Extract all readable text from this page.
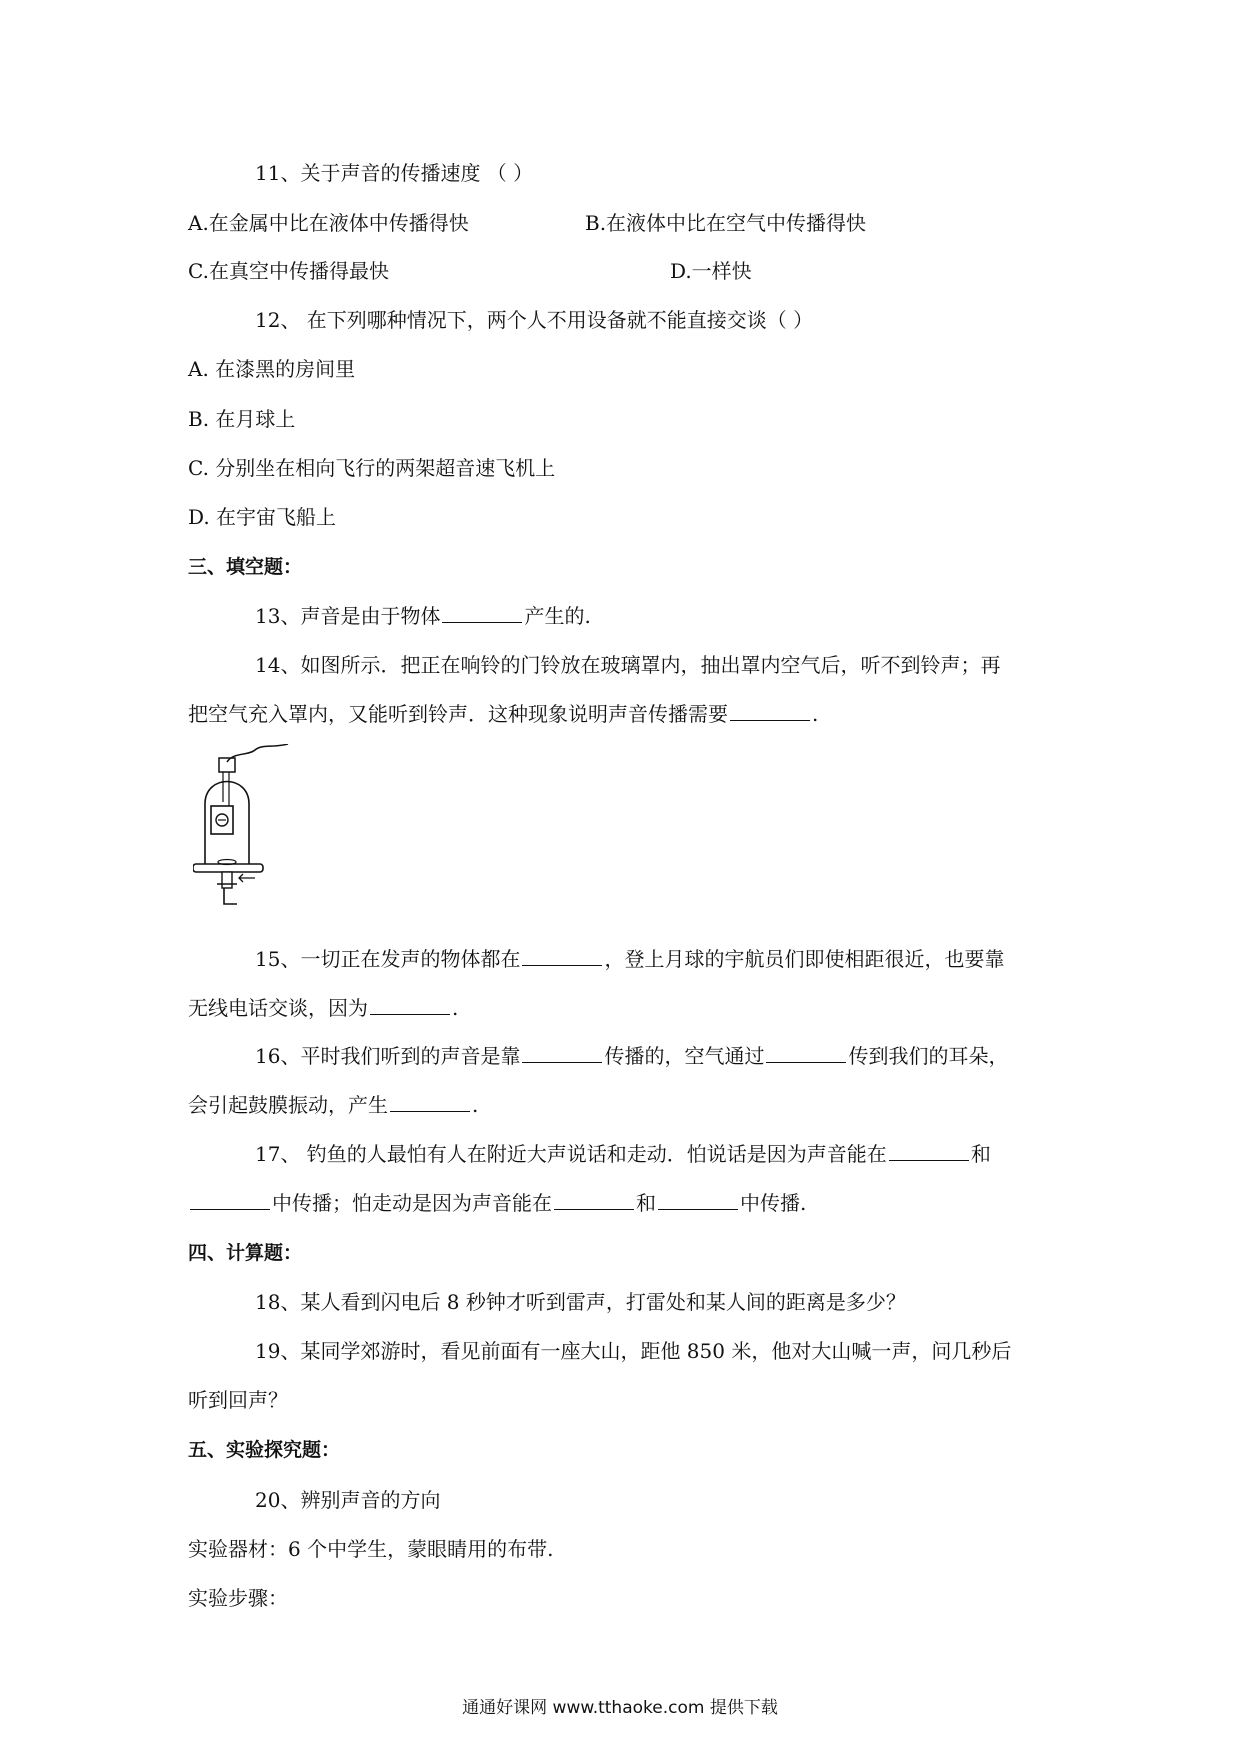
11、关于声音的传播速度 （ ）
A.在金属中比在液体中传播得快	B.在液体中比在空气中传播得快
C.在真空中传播得最快	D.一样快
12、 在下列哪种情况下，两个人不用设备就不能直接交谈（ ）
A. 在漆黑的房间里
B. 在月球上
C. 分别坐在相向飞行的两架超音速飞机上
D. 在宇宙飞船上
三、填空题：
13、声音是由于物体	产生的.
14、如图所示．把正在响铃的门铃放在玻璃罩内，抽出罩内空气后，听不到铃声；再
把空气充入罩内，又能听到铃声．这种现象说明声音传播需要	.
15、一切正在发声的物体都在	，登上月球的宇航员们即使相距很近，也要靠
无线电话交谈，因为	.
16、平时我们听到的声音是靠	传播的，空气通过	传到我们的耳朵，
会引起鼓膜振动，产生	.
17、 钓鱼的人最怕有人在附近大声说话和走动．怕说话是因为声音能在	和
中传播；怕走动是因为声音能在	和	中传播.
四、计算题：
18、某人看到闪电后 8 秒钟才听到雷声，打雷处和某人间的距离是多少？
19、某同学郊游时，看见前面有一座大山，距他 850 米，他对大山喊一声，问几秒后
听到回声？
五、实验探究题：
20、辨别声音的方向
实验器材：6 个中学生，蒙眼睛用的布带.
实验步骤：
通通好课网 www.tthaoke.com 提供下载
